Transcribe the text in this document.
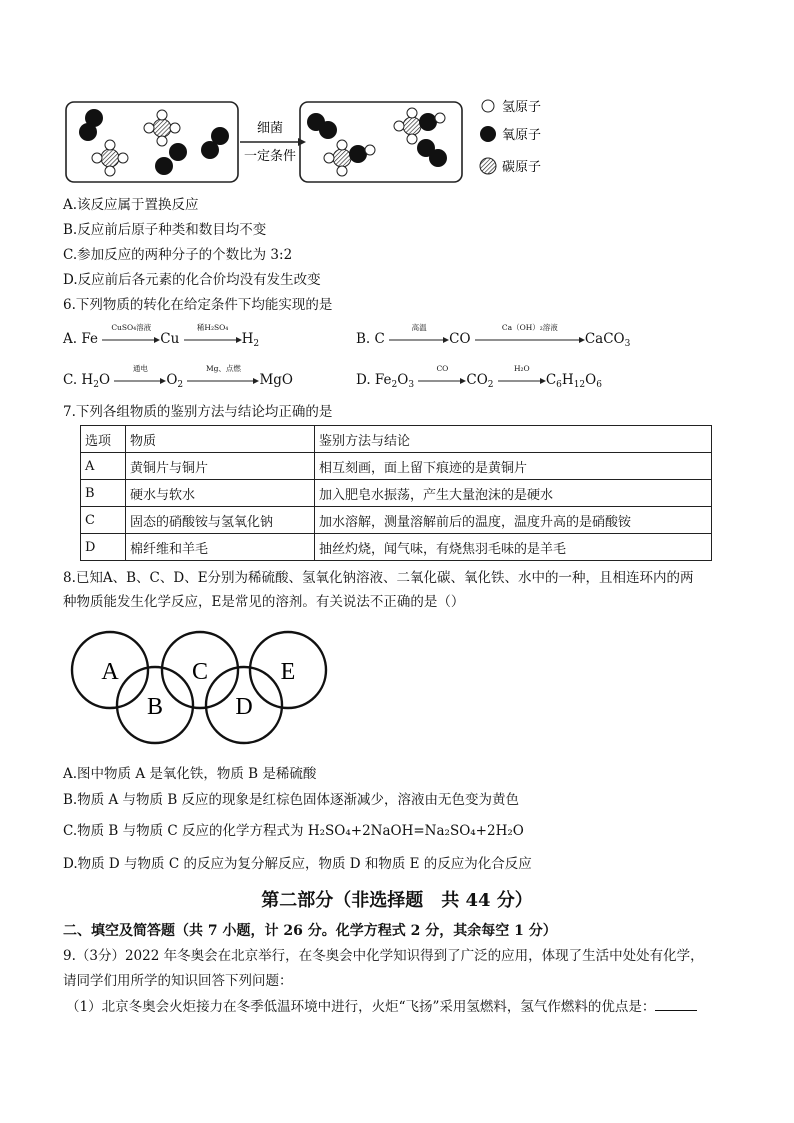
细菌
一定条件
氢原子
氧原子
碳原子
A.该反应属于置换反应
B.反应前后原子种类和数目均不变
C.参加反应的两种分子的个数比为 3:2
D.反应前后各元素的化合价均没有发生改变
6.下列物质的转化在给定条件下均能实现的是
A. Fe
CuSO₄溶液
Cu
稀H₂SO₄
$H_2$	B. C
高温
CO
Ca（OH）₂溶液
CaCO$_3$
C. $H_2O$
通电
$O_2$
Mg、点燃
MgO	D. $Fe_2O_3$
CO
$CO_2$
H₂O
$C_6H_{12}O_6$
7.下列各组物质的鉴别方法与结论均正确的是
选项	物质	鉴别方法与结论
A	黄铜片与铜片	相互刻画，面上留下痕迹的是黄铜片
B	硬水与软水	加入肥皂水振荡，产生大量泡沫的是硬水
C	固态的硝酸铵与氢氧化钠	加水溶解，测量溶解前后的温度，温度升高的是硝酸铵
D	棉纤维和羊毛	抽丝灼烧，闻气味，有烧焦羽毛味的是羊毛
8.已知A、B、C、D、E分别为稀硫酸、氢氧化钠溶液、二氧化碳、氧化铁、水中的一种，且相连环内的两
种物质能发生化学反应，E是常见的溶剂。有关说法不正确的是（）
A
B
C
D
E
A.图中物质 A 是氧化铁，物质 B 是稀硫酸
B.物质 A 与物质 B 反应的现象是红棕色固体逐渐减少，溶液由无色变为黄色
C.物质 B 与物质 C 反应的化学方程式为 H₂SO₄+2NaOH=Na₂SO₄+2H₂O
D.物质 D 与物质 C 的反应为复分解反应，物质 D 和物质 E 的反应为化合反应
第二部分（非选择题　共 44 分）
二、填空及简答题（共 7 小题，计 26 分。化学方程式 2 分，其余每空 1 分）
9.（3分）2022 年冬奥会在北京举行，在冬奥会中化学知识得到了广泛的应用，体现了生活中处处有化学，
请同学们用所学的知识回答下列问题：
（1）北京冬奥会火炬接力在冬季低温环境中进行，火炬“飞扬”采用氢燃料，氢气作燃料的优点是：
